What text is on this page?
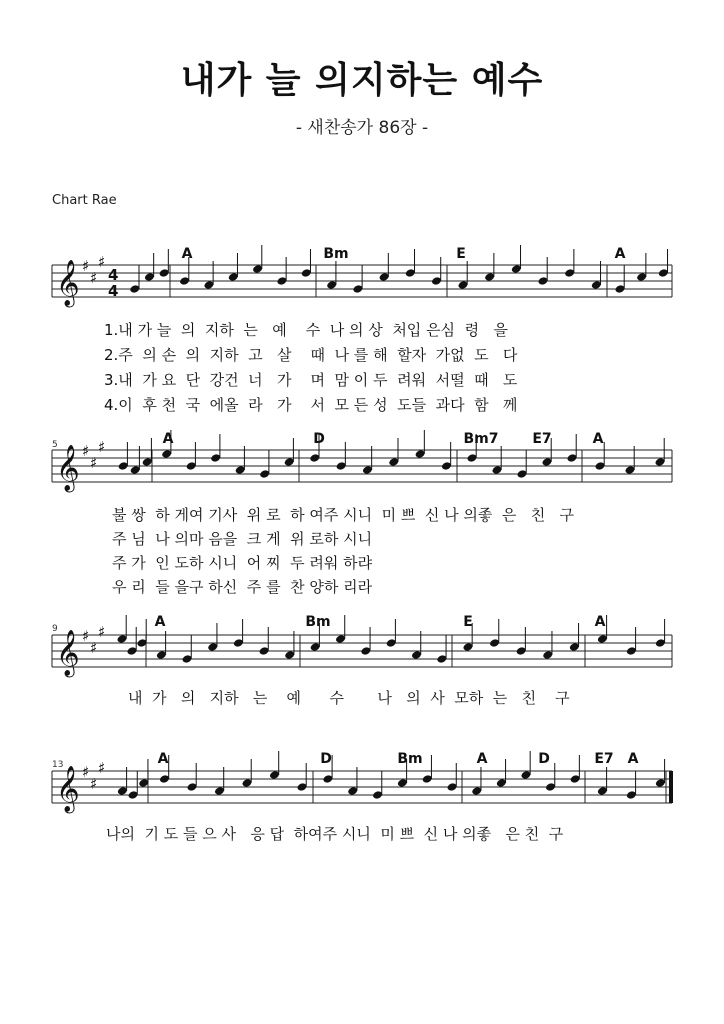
내가 늘 의지하는 예수
- 새찬송가 86장 -
Chart Rae
𝄞 ♯
♯
♯
4
4
𝄞 ♯
♯
♯
𝄞 ♯
♯
♯
𝄞 ♯
♯
♯
A	Bm	E	A
1.내 가 늘  의  지하  는   예    수  나 의 상  처입 은심  령   을
2.주  의 손  의  지하  고   살    때  나 를 해  할자  가없  도   다
3.내  가 요  단  강건  너   가    며  맘 이 두  려워  서떨  때   도
4.이  후 천  국  에올  라   가    서  모 든 성  도들  과다  함   께
5	A	D	Bm7 E7	A
불 쌍  하 게여 기사  위 로  하 여주 시니  미 쁘  신 나 의좋  은   친   구
주 님  나 의마 음을  크 게  위 로하 시니
주 가  인 도하 시니  어 찌  두 려워 하랴
우 리  들 을구 하신  주 를  찬 양하 리라
9	A	Bm	E	A
내  가   의   지하   는    예      수       나   의  사  모하  는   친    구
13	A	D	Bm	A	D	E7 A
나의  기 도 들 으 사   응 답  하여주 시니  미 쁘  신 나 의좋   은 친  구
